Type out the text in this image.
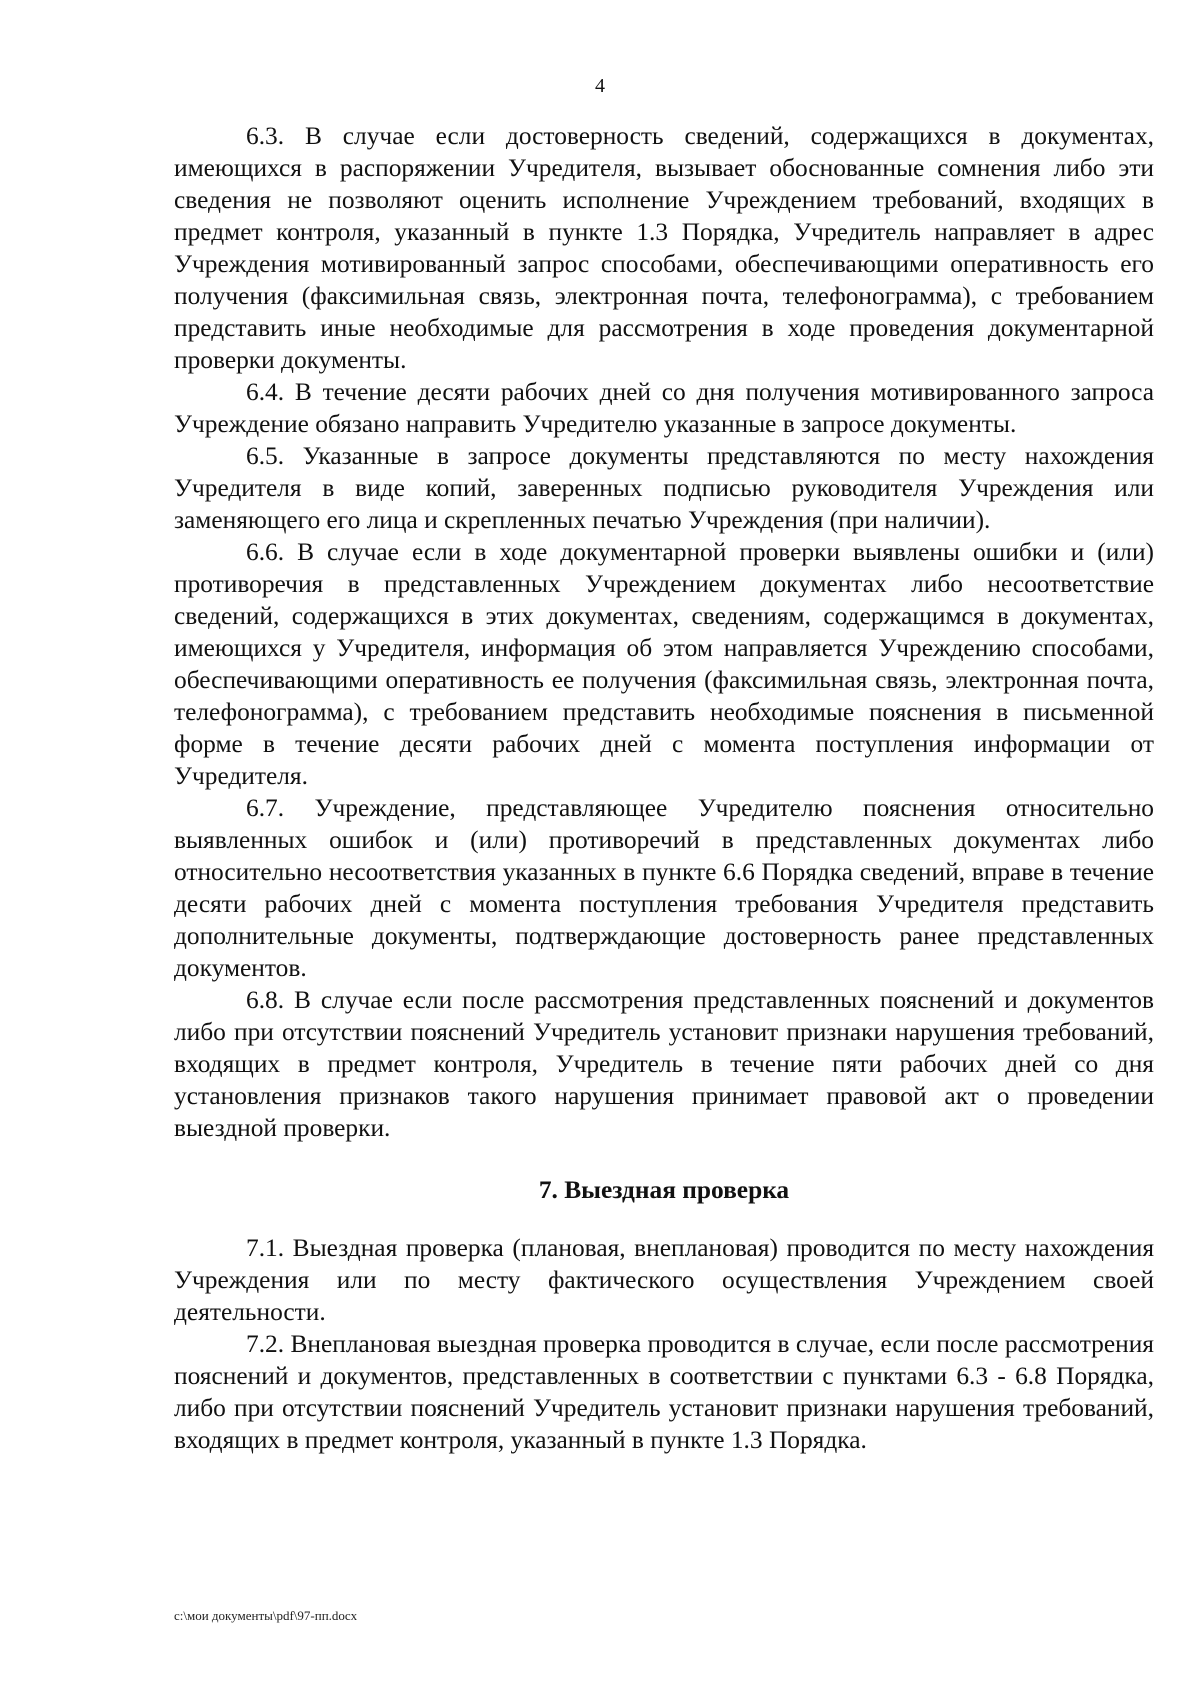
4

6.3. В случае если достоверность сведений, содержащихся в документах, имеющихся в распоряжении Учредителя, вызывает обоснованные сомнения либо эти сведения не позволяют оценить исполнение Учреждением требований, входящих в предмет контроля, указанный в пункте 1.3 Порядка, Учредитель направляет в адрес Учреждения мотивированный запрос способами, обеспечивающими оперативность его получения (факсимильная связь, электронная почта, телефонограмма), с требованием представить иные необходимые для рассмотрения в ходе проведения документарной проверки документы.

6.4. В течение десяти рабочих дней со дня получения мотивированного запроса Учреждение обязано направить Учредителю указанные в запросе документы.

6.5. Указанные в запросе документы представляются по месту нахождения Учредителя в виде копий, заверенных подписью руководителя Учреждения или заменяющего его лица и скрепленных печатью Учреждения (при наличии).

6.6. В случае если в ходе документарной проверки выявлены ошибки и (или) противоречия в представленных Учреждением документах либо несоответствие сведений, содержащихся в этих документах, сведениям, содержащимся в документах, имеющихся у Учредителя, информация об этом направляется Учреждению способами, обеспечивающими оперативность ее получения (факсимильная связь, электронная почта, телефонограмма), с требованием представить необходимые пояснения в письменной форме в течение десяти рабочих дней с момента поступления информации от Учредителя.

6.7. Учреждение, представляющее Учредителю пояснения относительно выявленных ошибок и (или) противоречий в представленных документах либо относительно несоответствия указанных в пункте 6.6 Порядка сведений, вправе в течение десяти рабочих дней с момента поступления требования Учредителя представить дополнительные документы, подтверждающие достоверность ранее представленных документов.

6.8. В случае если после рассмотрения представленных пояснений и документов либо при отсутствии пояснений Учредитель установит признаки нарушения требований, входящих в предмет контроля, Учредитель в течение пяти рабочих дней со дня установления признаков такого нарушения принимает правовой акт о проведении выездной проверки.

7. Выездная проверка

7.1. Выездная проверка (плановая, внеплановая) проводится по месту нахождения Учреждения или по месту фактического осуществления Учреждением своей деятельности.

7.2. Внеплановая выездная проверка проводится в случае, если после рассмотрения пояснений и документов, представленных в соответствии с пунктами 6.3 - 6.8 Порядка, либо при отсутствии пояснений Учредитель установит признаки нарушения требований, входящих в предмет контроля, указанный в пункте 1.3 Порядка.

c:\мои документы\pdf\97-пп.docx
